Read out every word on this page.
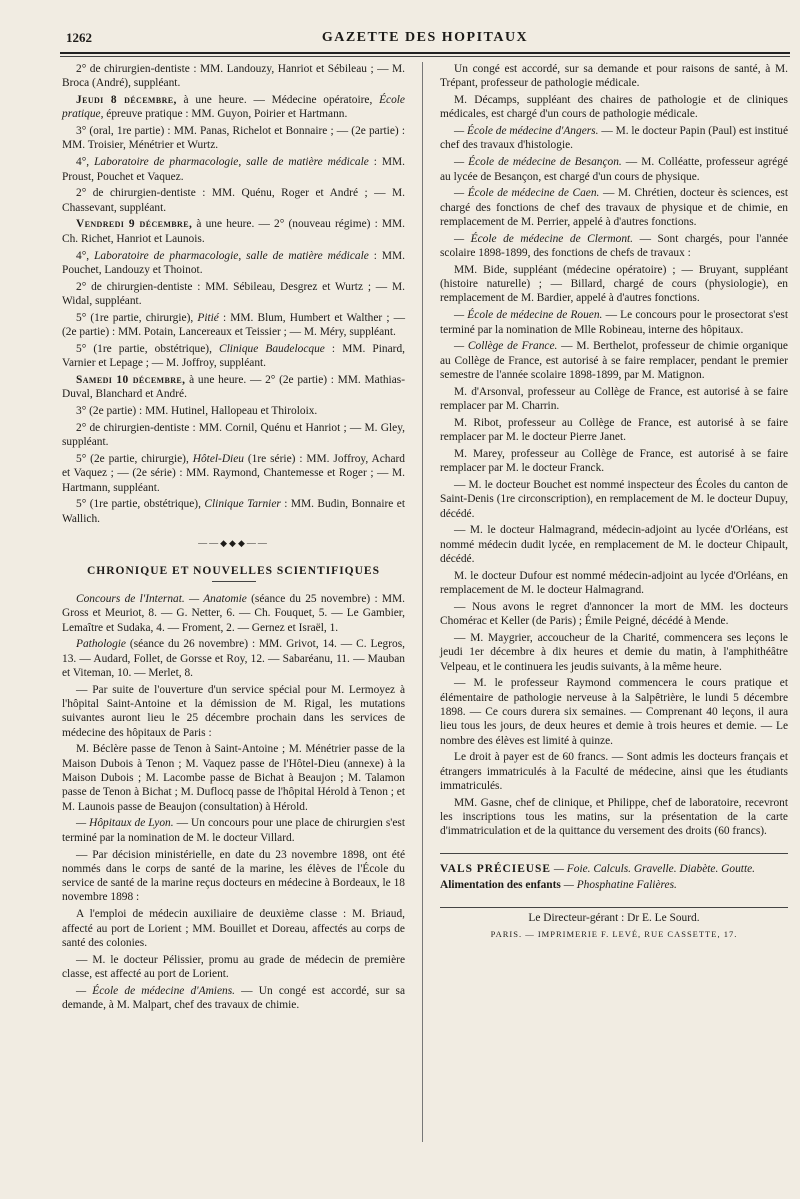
1262	GAZETTE DES HOPITAUX

2° de chirurgien-dentiste : MM. Landouzy, Hanriot et Sébileau ; — M. Broca (André), suppléant.

Jeudi 8 décembre, à une heure. — Médecine opératoire, École pratique, épreuve pratique : MM. Guyon, Poirier et Hartmann.

3° (oral, 1re partie) : MM. Panas, Richelot et Bonnaire ; — (2e partie) : MM. Troisier, Ménétrier et Wurtz.

4°, Laboratoire de pharmacologie, salle de matière médicale : MM. Proust, Pouchet et Vaquez.

2° de chirurgien-dentiste : MM. Quénu, Roger et André ; — M. Chassevant, suppléant.

Vendredi 9 décembre, à une heure. — 2° (nouveau régime) : MM. Ch. Richet, Hanriot et Launois.

4°, Laboratoire de pharmacologie, salle de matière médicale : MM. Pouchet, Landouzy et Thoinot.

2° de chirurgien-dentiste : MM. Sébileau, Desgrez et Wurtz ; — M. Widal, suppléant.

5° (1re partie, chirurgie), Pitié : MM. Blum, Humbert et Walther ; — (2e partie) : MM. Potain, Lancereaux et Teissier ; — M. Méry, suppléant.

5° (1re partie, obstétrique), Clinique Baudelocque : MM. Pinard, Varnier et Lepage ; — M. Joffroy, suppléant.

Samedi 10 décembre, à une heure. — 2° (2e partie) : MM. Mathias-Duval, Blanchard et André.

3° (2e partie) : MM. Hutinel, Hallopeau et Thiroloix.

2° de chirurgien-dentiste : MM. Cornil, Quénu et Hanriot ; — M. Gley, suppléant.

5° (2e partie, chirurgie), Hôtel-Dieu (1re série) : MM. Joffroy, Achard et Vaquez ; — (2e série) : MM. Raymond, Chantemesse et Roger ; — M. Hartmann, suppléant.

5° (1re partie, obstétrique), Clinique Tarnier : MM. Budin, Bonnaire et Wallich.

——◆◆◆——

CHRONIQUE ET NOUVELLES SCIENTIFIQUES

Concours de l'Internat. — Anatomie (séance du 25 novembre) : MM. Gross et Meuriot, 8. — G. Netter, 6. — Ch. Fouquet, 5. — Le Gambier, Lemaître et Sudaka, 4. — Froment, 2. — Gernez et Israël, 1.

Pathologie (séance du 26 novembre) : MM. Grivot, 14. — C. Legros, 13. — Audard, Follet, de Gorsse et Roy, 12. — Sabaréanu, 11. — Mauban et Viteman, 10. — Merlet, 8.

— Par suite de l'ouverture d'un service spécial pour M. Lermoyez à l'hôpital Saint-Antoine et la démission de M. Rigal, les mutations suivantes auront lieu le 25 décembre prochain dans les services de médecine des hôpitaux de Paris :

M. Béclère passe de Tenon à Saint-Antoine ; M. Ménétrier passe de la Maison Dubois à Tenon ; M. Vaquez passe de l'Hôtel-Dieu (annexe) à la Maison Dubois ; M. Lacombe passe de Bichat à Beaujon ; M. Talamon passe de Tenon à Bichat ; M. Duflocq passe de l'hôpital Hérold à Tenon ; et M. Launois passe de Beaujon (consultation) à Hérold.

— Hôpitaux de Lyon. — Un concours pour une place de chirurgien s'est terminé par la nomination de M. le docteur Villard.

— Par décision ministérielle, en date du 23 novembre 1898, ont été nommés dans le corps de santé de la marine, les élèves de l'École du service de santé de la marine reçus docteurs en médecine à Bordeaux, le 18 novembre 1898 :

A l'emploi de médecin auxiliaire de deuxième classe : M. Briaud, affecté au port de Lorient ; MM. Bouillet et Doreau, affectés au corps de santé des colonies.

— M. le docteur Pélissier, promu au grade de médecin de première classe, est affecté au port de Lorient.

— École de médecine d'Amiens. — Un congé est accordé, sur sa demande, à M. Malpart, chef des travaux de chimie.

Un congé est accordé, sur sa demande et pour raisons de santé, à M. Trépant, professeur de pathologie médicale.

M. Décamps, suppléant des chaires de pathologie et de cliniques médicales, est chargé d'un cours de pathologie médicale.

— École de médecine d'Angers. — M. le docteur Papin (Paul) est institué chef des travaux d'histologie.

— École de médecine de Besançon. — M. Colléatte, professeur agrégé au lycée de Besançon, est chargé d'un cours de physique.

— École de médecine de Caen. — M. Chrétien, docteur ès sciences, est chargé des fonctions de chef des travaux de physique et de chimie, en remplacement de M. Perrier, appelé à d'autres fonctions.

— École de médecine de Clermont. — Sont chargés, pour l'année scolaire 1898-1899, des fonctions de chefs de travaux :

MM. Bide, suppléant (médecine opératoire) ; — Bruyant, suppléant (histoire naturelle) ; — Billard, chargé de cours (physiologie), en remplacement de M. Bardier, appelé à d'autres fonctions.

— École de médecine de Rouen. — Le concours pour le prosectorat s'est terminé par la nomination de Mlle Robineau, interne des hôpitaux.

— Collège de France. — M. Berthelot, professeur de chimie organique au Collège de France, est autorisé à se faire remplacer, pendant le premier semestre de l'année scolaire 1898-1899, par M. Matignon.

M. d'Arsonval, professeur au Collège de France, est autorisé à se faire remplacer par M. Charrin.

M. Ribot, professeur au Collège de France, est autorisé à se faire remplacer par M. le docteur Pierre Janet.

M. Marey, professeur au Collège de France, est autorisé à se faire remplacer par M. le docteur Franck.

— M. le docteur Bouchet est nommé inspecteur des Écoles du canton de Saint-Denis (1re circonscription), en remplacement de M. le docteur Dupuy, décédé.

— M. le docteur Halmagrand, médecin-adjoint au lycée d'Orléans, est nommé médecin dudit lycée, en remplacement de M. le docteur Chipault, décédé.

M. le docteur Dufour est nommé médecin-adjoint au lycée d'Orléans, en remplacement de M. le docteur Halmagrand.

— Nous avons le regret d'annoncer la mort de MM. les docteurs Chomérac et Keller (de Paris) ; Émile Peigné, décédé à Mende.

— M. Maygrier, accoucheur de la Charité, commencera ses leçons le jeudi 1er décembre à dix heures et demie du matin, à l'amphithéâtre Velpeau, et le continuera les jeudis suivants, à la même heure.

— M. le professeur Raymond commencera le cours pratique et élémentaire de pathologie nerveuse à la Salpêtrière, le lundi 5 décembre 1898. — Ce cours durera six semaines. — Comprenant 40 leçons, il aura lieu tous les jours, de deux heures et demie à trois heures et demie. — Le nombre des élèves est limité à quinze.

Le droit à payer est de 60 francs. — Sont admis les docteurs français et étrangers immatriculés à la Faculté de médecine, ainsi que les étudiants immatriculés.

MM. Gasne, chef de clinique, et Philippe, chef de laboratoire, recevront les inscriptions tous les matins, sur la présentation de la carte d'immatriculation et de la quittance du versement des droits (60 francs).

VALS PRÉCIEUSE — Foie. Calculs. Gravelle. Diabète. Goutte.

Alimentation des enfants — Phosphatine Falières.

Le Directeur-gérant : Dr E. Le Sourd.
PARIS. — IMPRIMERIE F. LEVÉ, RUE CASSETTE, 17.
